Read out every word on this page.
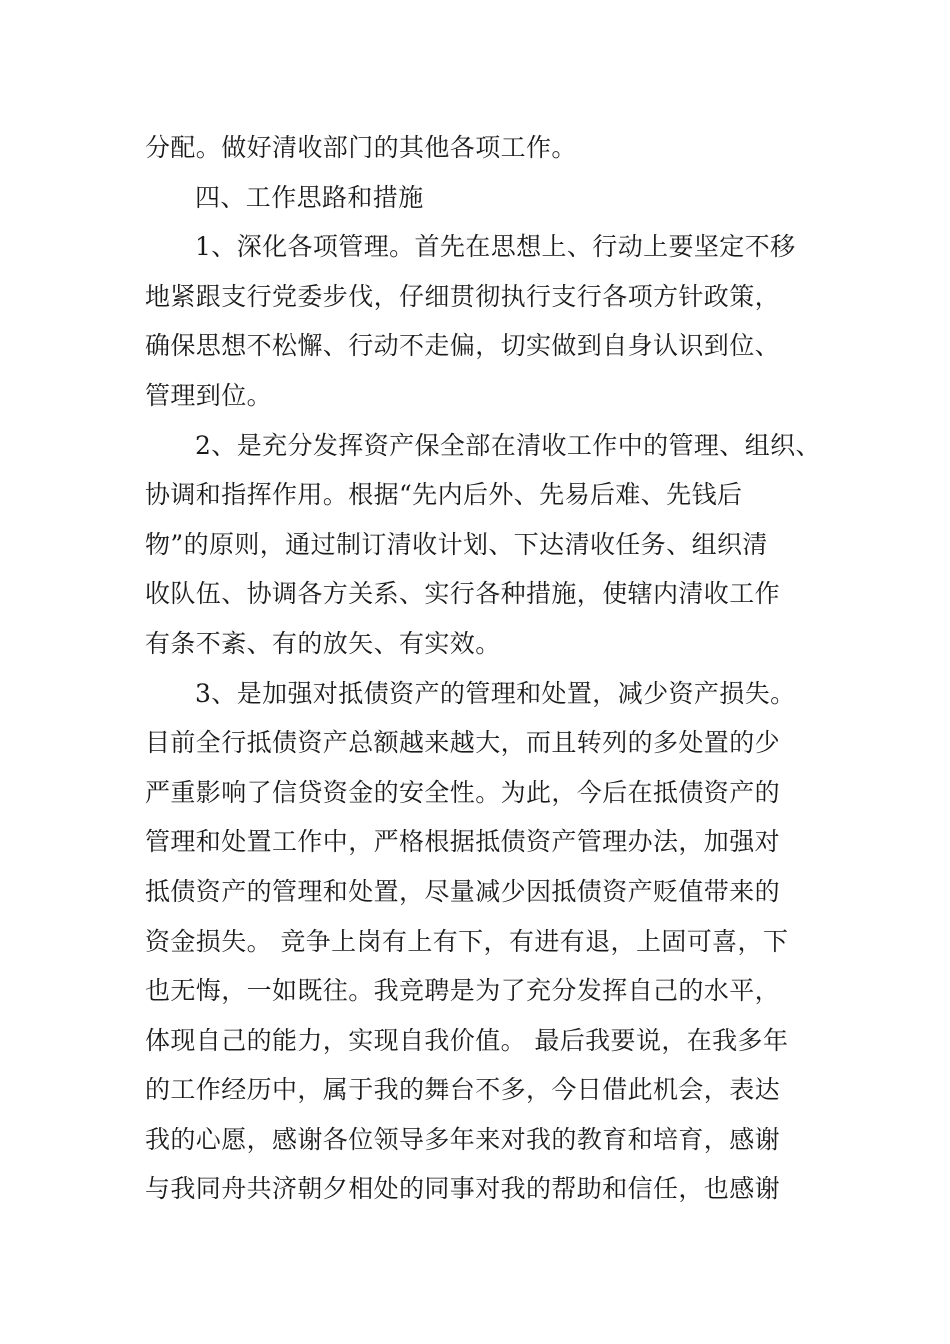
分配。做好清收部门的其他各项工作。
四、工作思路和措施
1、深化各项管理。首先在思想上、行动上要坚定不移
地紧跟支行党委步伐，仔细贯彻执行支行各项方针政策，
确保思想不松懈、行动不走偏，切实做到自身认识到位、
管理到位。
2、是充分发挥资产保全部在清收工作中的管理、组织、
协调和指挥作用。根据“先内后外、先易后难、先钱后
物”的原则，通过制订清收计划、下达清收任务、组织清
收队伍、协调各方关系、实行各种措施，使辖内清收工作
有条不紊、有的放矢、有实效。
3、是加强对抵债资产的管理和处置，减少资产损失。
目前全行抵债资产总额越来越大，而且转列的多处置的少
严重影响了信贷资金的安全性。为此，今后在抵债资产的
管理和处置工作中，严格根据抵债资产管理办法，加强对
抵债资产的管理和处置，尽量减少因抵债资产贬值带来的
资金损失。 竞争上岗有上有下，有进有退，上固可喜，下
也无悔，一如既往。我竞聘是为了充分发挥自己的水平，
体现自己的能力，实现自我价值。 最后我要说，在我多年
的工作经历中，属于我的舞台不多，今日借此机会，表达
我的心愿，感谢各位领导多年来对我的教育和培育，感谢
与我同舟共济朝夕相处的同事对我的帮助和信任，也感谢
